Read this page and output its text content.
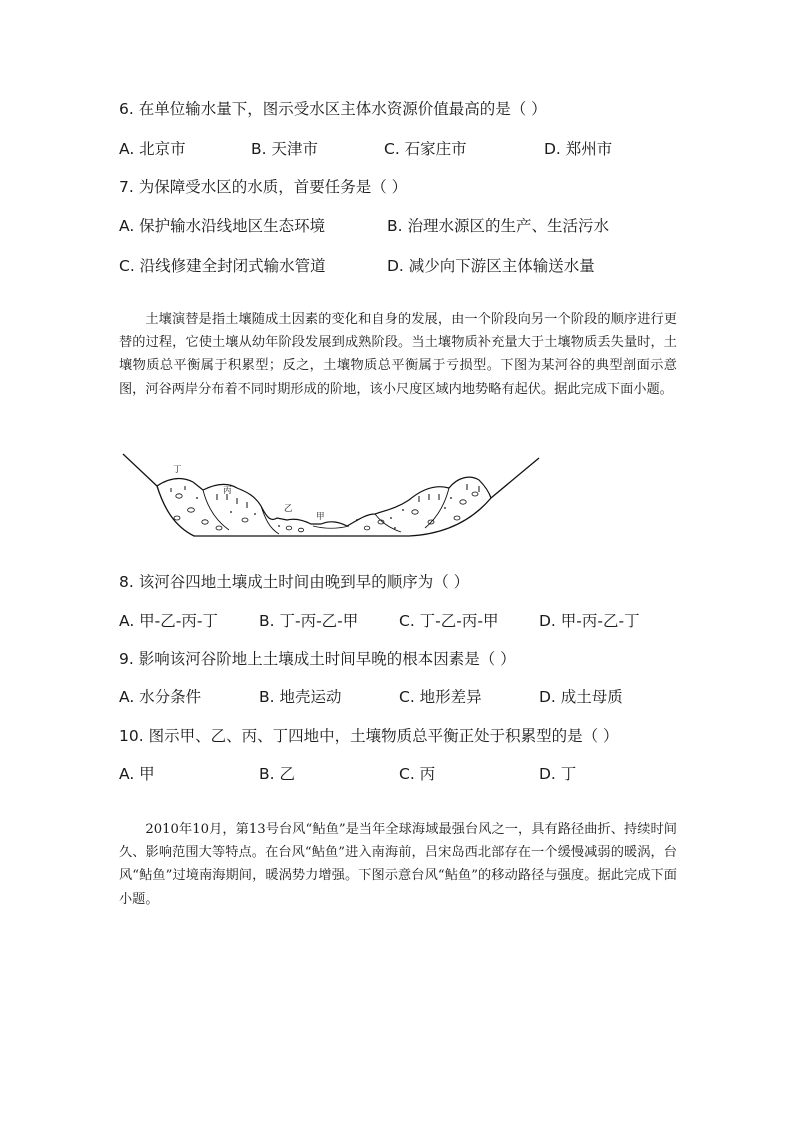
6. 在单位输水量下，图示受水区主体水资源价值最高的是（ ）
A. 北京市	B. 天津市	C. 石家庄市	D. 郑州市
7. 为保障受水区的水质，首要任务是（ ）
A. 保护输水沿线地区生态环境	B. 治理水源区的生产、生活污水
C. 沿线修建全封闭式输水管道	D. 减少向下游区主体输送水量

土壤演替是指土壤随成土因素的变化和自身的发展，由一个阶段向另一个阶段的顺序进行更替的过程，它使土壤从幼年阶段发展到成熟阶段。当土壤物质补充量大于土壤物质丢失量时，土壤物质总平衡属于积累型；反之，土壤物质总平衡属于亏损型。下图为某河谷的典型剖面示意图，河谷两岸分布着不同时期形成的阶地，该小尺度区域内地势略有起伏。据此完成下面小题。

丁
丙
乙
甲
8. 该河谷四地土壤成土时间由晚到早的顺序为（ ）
A. 甲-乙-丙-丁	B. 丁-丙-乙-甲	C. 丁-乙-丙-甲	D. 甲-丙-乙-丁
9. 影响该河谷阶地上土壤成土时间早晚的根本因素是（ ）
A. 水分条件	B. 地壳运动	C. 地形差异	D. 成土母质
10. 图示甲、乙、丙、丁四地中，土壤物质总平衡正处于积累型的是（ ）
A. 甲	B. 乙	C. 丙	D. 丁

2010年10月，第13号台风“鲇鱼”是当年全球海域最强台风之一，具有路径曲折、持续时间久、影响范围大等特点。在台风“鲇鱼”进入南海前，吕宋岛西北部存在一个缓慢减弱的暖涡，台风“鲇鱼”过境南海期间，暖涡势力增强。下图示意台风“鲇鱼”的移动路径与强度。据此完成下面小题。
